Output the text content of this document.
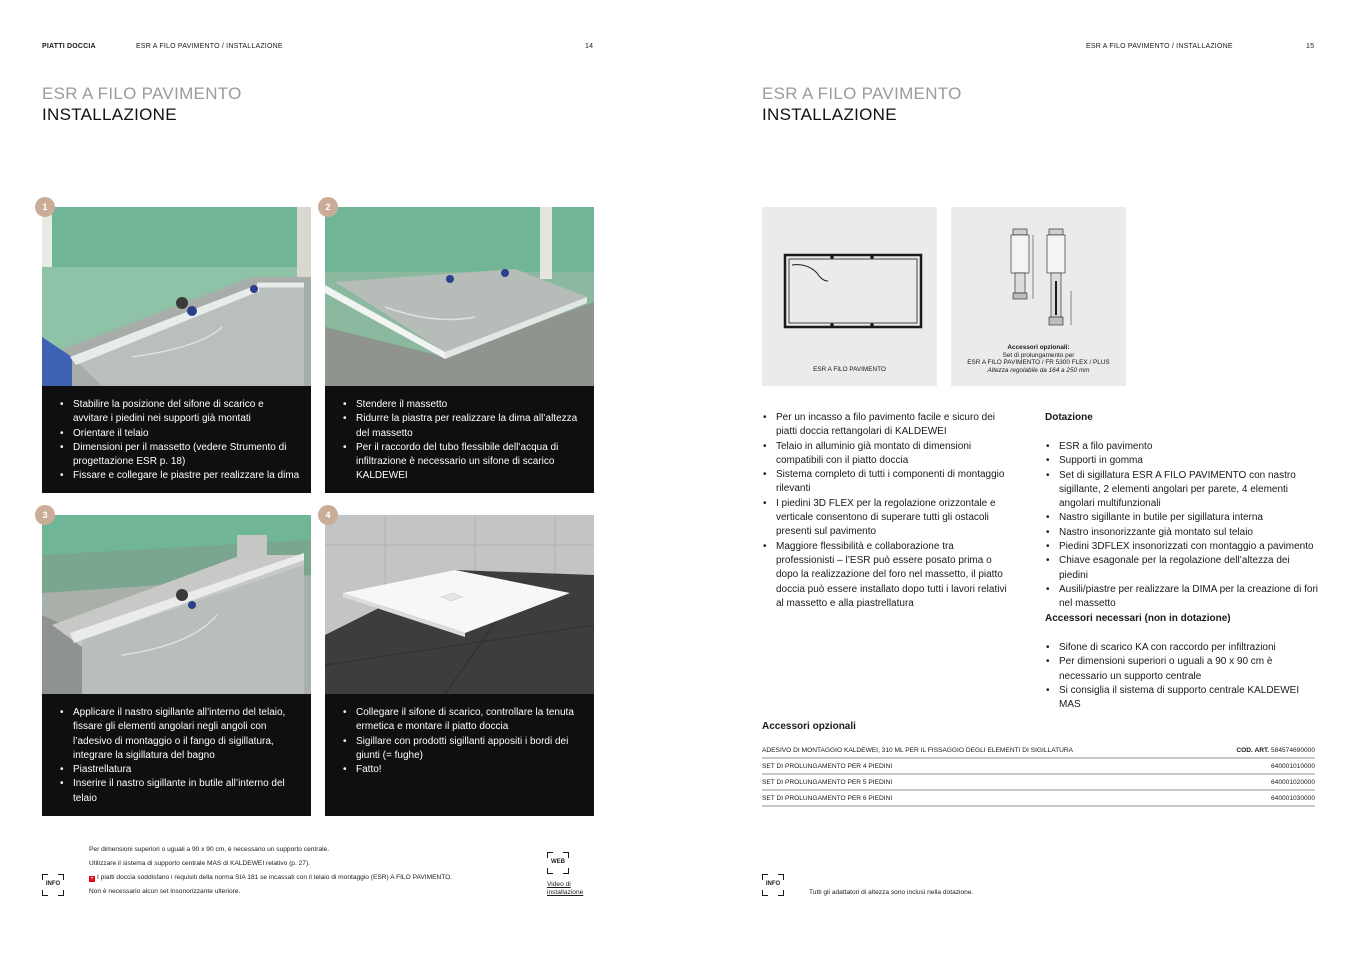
PIATTI DOCCIA	ESR A FILO PAVIMENTO / INSTALLAZIONE	14
ESR A FILO PAVIMENTO
INSTALLAZIONE
1
• Stabilire la posizione del sifone di scarico e avvitare i piedini nei supporti già montati
• Orientare il telaio
• Dimensioni per il massetto (vedere Strumento di progettazione ESR p. 18)
• Fissare e collegare le piastre per realizzare la dima
2
• Stendere il massetto
• Ridurre la piastra per realizzare la dima all’altezza del massetto
• Per il raccordo del tubo flessibile dell’acqua di infiltrazione è necessario un sifone di scarico KALDEWEI
3
• Applicare il nastro sigillante all’interno del telaio, fissare gli elementi angolari negli angoli con l’adesivo di montaggio o il fango di sigillatura, integrare la sigillatura del bagno
• Piastrellatura
• Inserire il nastro sigillante in butile all’interno del telaio
4
• Collegare il sifone di scarico, controllare la tenuta ermetica e montare il piatto doccia
• Sigillare con prodotti sigillanti appositi i bordi dei giunti (= fughe)
• Fatto!
INFO
Per dimensioni superiori o uguali a 90 x 90 cm, è necessario un supporto centrale.
Utilizzare il sistema di supporto centrale MAS di KALDEWEI relativo (p. 27).
+ I piatti doccia soddisfano i requisiti della norma SIA 181 se incassati con il telaio di montaggio (ESR) A FILO PAVIMENTO.
Non è necessario alcun set insonorizzante ulteriore.
WEB
Video di
installazione
ESR A FILO PAVIMENTO / INSTALLAZIONE	15
ESR A FILO PAVIMENTO
INSTALLAZIONE
ESR A FILO PAVIMENTO
Accessori opzionali:
Set di prolungamento per
ESR A FILO PAVIMENTO / FR 5300 FLEX / PLUS
Altezza regolabile da 164 a 250 mm
• Per un incasso a filo pavimento facile e sicuro dei piatti doccia rettangolari di KALDEWEI
• Telaio in alluminio già montato di dimensioni compatibili con il piatto doccia
• Sistema completo di tutti i componenti di montaggio rilevanti
• I piedini 3D FLEX per la regolazione orizzontale e verticale consentono di superare tutti gli ostacoli presenti sul pavimento
• Maggiore flessibilità e collaborazione tra professionisti – l’ESR può essere posato prima o dopo la realizzazione del foro nel massetto, il piatto doccia può essere installato dopo tutti i lavori relativi al massetto e alla piastrellatura
Dotazione
• ESR a filo pavimento
• Supporti in gomma
• Set di sigillatura ESR A FILO PAVIMENTO con nastro sigillante, 2 elementi angolari per parete, 4 elementi angolari multifunzionali
• Nastro sigillante in butile per sigillatura interna
• Nastro insonorizzante già montato sul telaio
• Piedini 3DFLEX insonorizzati con montaggio a pavimento
• Chiave esagonale per la regolazione dell’altezza dei piedini
• Ausili/piastre per realizzare la DIMA per la creazione di fori nel massetto
Accessori necessari (non in dotazione)
• Sifone di scarico KA con raccordo per infiltrazioni
• Per dimensioni superiori o uguali a 90 x 90 cm è necessario un supporto centrale
• Si consiglia il sistema di supporto centrale KALDEWEI MAS
Accessori opzionali
ADESIVO DI MONTAGGIO KALDEWEI, 310 ML PER IL FISSAGGIO DEGLI ELEMENTI DI SIGILLATURA	COD. ART. 584574690000
SET DI PROLUNGAMENTO PER 4 PIEDINI	640001010000
SET DI PROLUNGAMENTO PER 5 PIEDINI	640001020000
SET DI PROLUNGAMENTO PER 6 PIEDINI	640001030000
INFO
Tutti gli adattatori di altezza sono inclusi nella dotazione.
